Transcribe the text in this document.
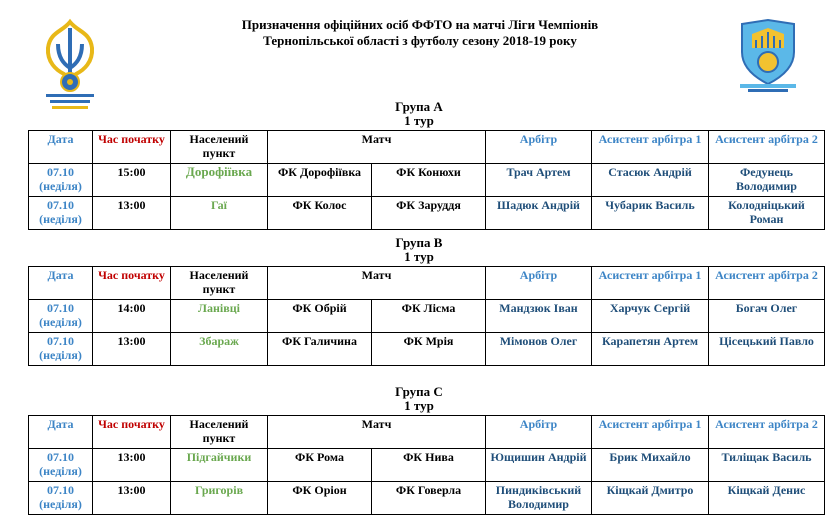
Призначення офіційних осіб ФФТО на матчі Ліги Чемпіонів
Тернопільської області з футболу сезону 2018-19 року
Група А
1 тур
Дата	Час початку	Населений пункт	Матч		Арбітр	Асистент арбітра 1	Асистент арбітра 2

07.10
(неділя)	15:00	Дорофіївка	ФК Дорофіївка	ФК Конюхи	Трач Артем	Стасюк Андрій	Федунець Володимир

07.10
(неділя)	13:00	Гаї	ФК Колос	ФК Заруддя	Шадюк Андрій	Чубарик Василь	Колодніцький Роман
Група В
1 тур
Дата	Час початку	Населений пункт	Матч		Арбітр	Асистент арбітра 1	Асистент арбітра 2

07.10
(неділя)	14:00	Ланівці	ФК Обрій	ФК Лісма	Мандзюк Іван	Харчук Сергій	Богач Олег

07.10
(неділя)	13:00	Збараж	ФК Галичина	ФК Мрія	Мімонов Олег	Карапетян Артем	Цісецький Павло
Група С
1 тур
Дата	Час початку	Населений пункт	Матч		Арбітр	Асистент арбітра 1	Асистент арбітра 2

07.10
(неділя)	13:00	Підгайчики	ФК Рома	ФК Нива	Ющишин Андрій	Брик Михайло	Тиліщак Василь

07.10
(неділя)	13:00	Григорів	ФК Оріон	ФК Говерла	Пиндиківський Володимир	Кіщкай Дмитро	Кіщкай Денис
